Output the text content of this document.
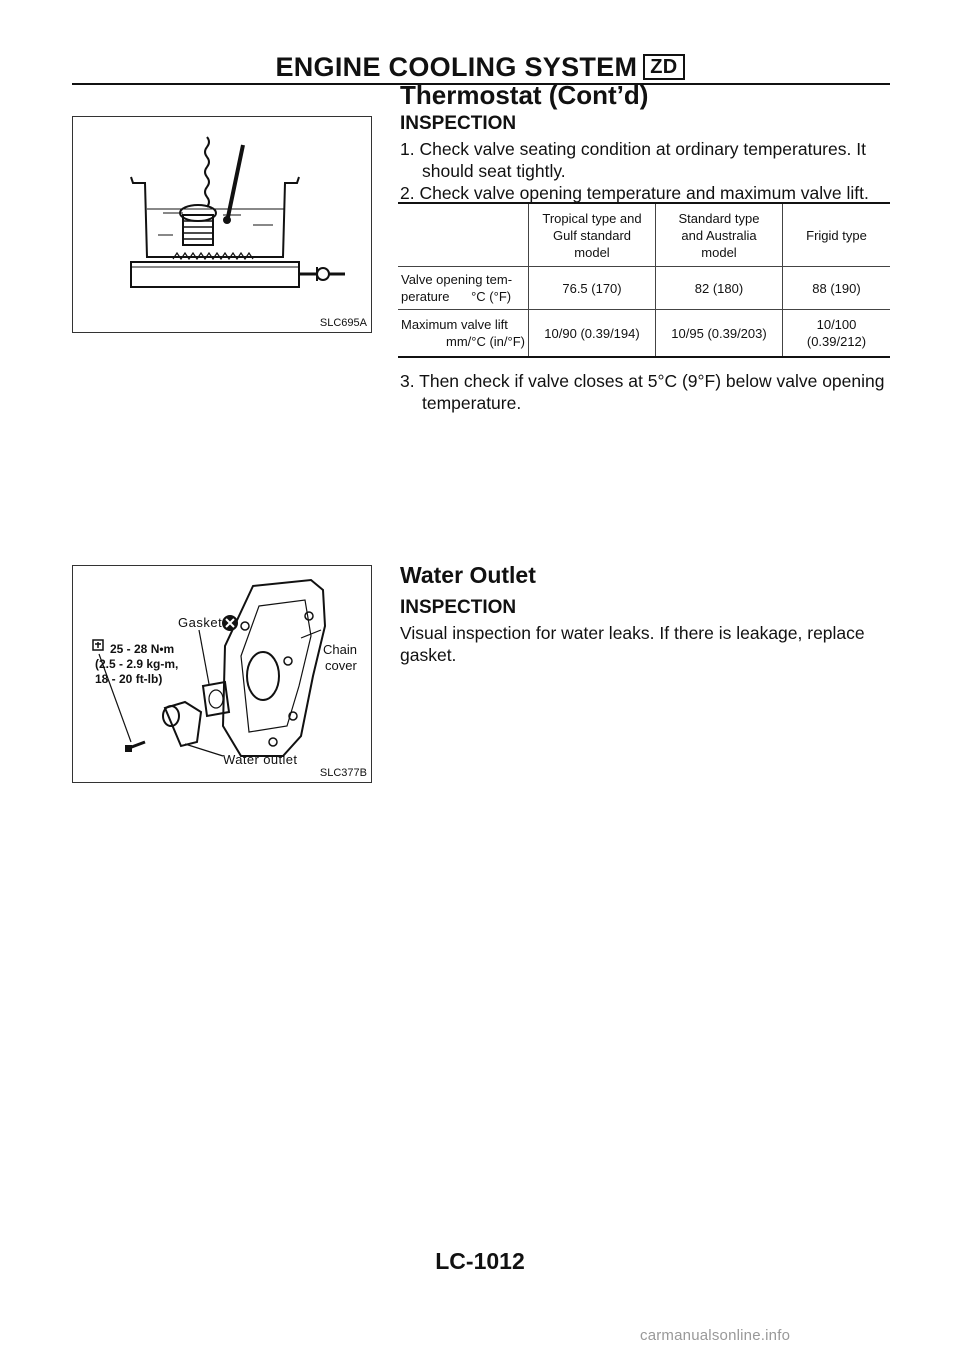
ENGINE COOLING SYSTEM ZD
Thermostat (Cont’d)
SLC695A
INSPECTION
1. Check valve seating condition at ordinary temperatures. It
should seat tightly.
2. Check valve opening temperature and maximum valve lift.

	Tropical type and
Gulf standard
model	Standard type
and Australia
model	Frigid type

Valve opening tem-
perature      °C (°F)	76.5 (170)	82 (180)	88 (190)

Maximum valve lift
mm/°C (in/°F)	10/90 (0.39/194)	10/95 (0.39/203)	10/100 (0.39/212)
3. Then check if valve closes at 5°C (9°F) below valve opening
temperature.
Water Outlet
INSPECTION
Visual inspection for water leaks. If there is leakage, replace
gasket.
Gasket
Chain
cover
25 - 28 N•m
(2.5 - 2.9 kg-m,
18 - 20 ft-lb)
Water outlet
SLC377B
LC-1012
carmanualsonline.info
